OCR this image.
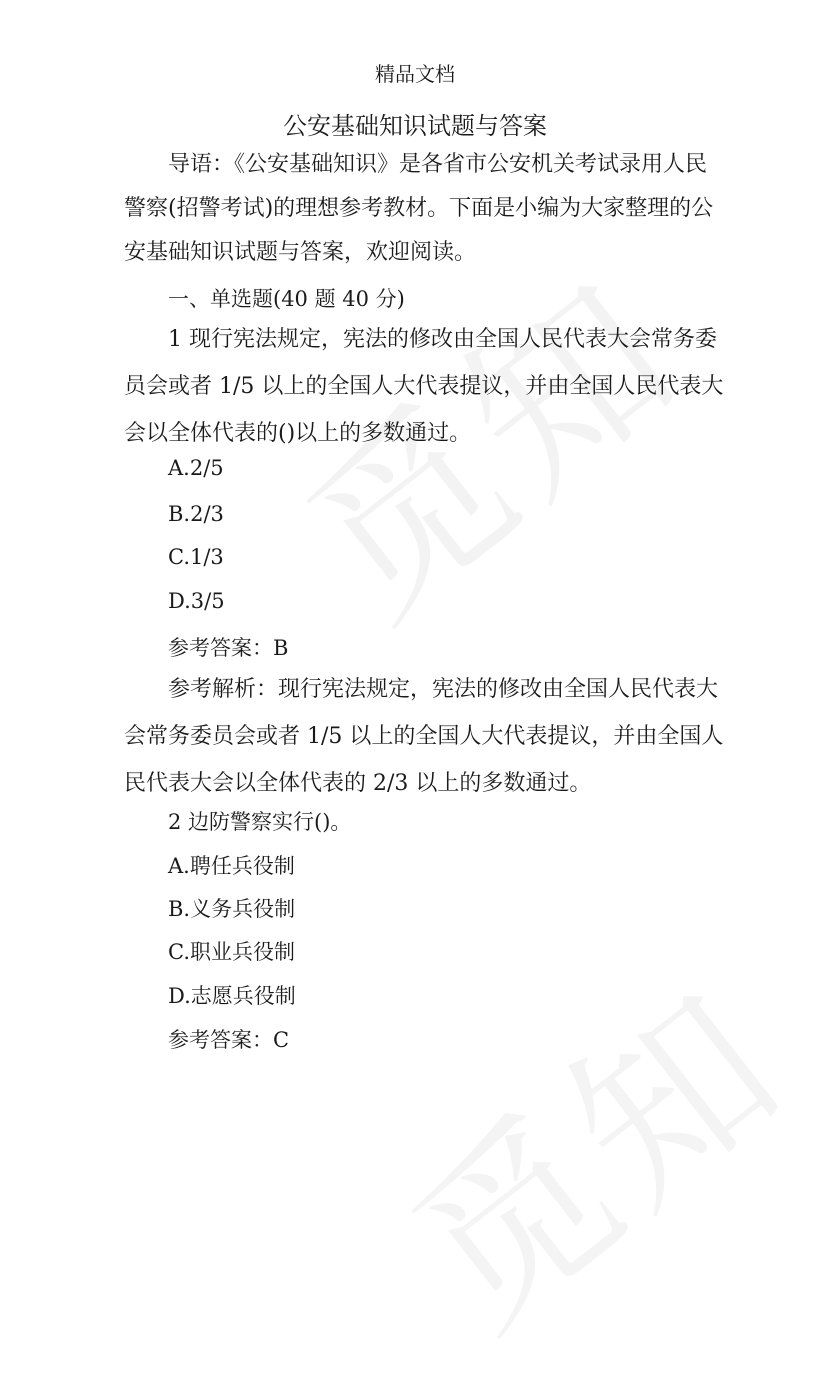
精品文档
公安基础知识试题与答案
导语：《公安基础知识》是各省市公安机关考试录用人民警察(招警考试)的理想参考教材。下面是小编为大家整理的公安基础知识试题与答案，欢迎阅读。
一、单选题(40 题 40 分)
1 现行宪法规定，宪法的修改由全国人民代表大会常务委员会或者 1/5 以上的全国人大代表提议，并由全国人民代表大会以全体代表的()以上的多数通过。
A.2/5
B.2/3
C.1/3
D.3/5
参考答案：B
参考解析：现行宪法规定，宪法的修改由全国人民代表大会常务委员会或者 1/5 以上的全国人大代表提议，并由全国人民代表大会以全体代表的 2/3 以上的多数通过。
2 边防警察实行()。
A.聘任兵役制
B.义务兵役制
C.职业兵役制
D.志愿兵役制
参考答案：C
